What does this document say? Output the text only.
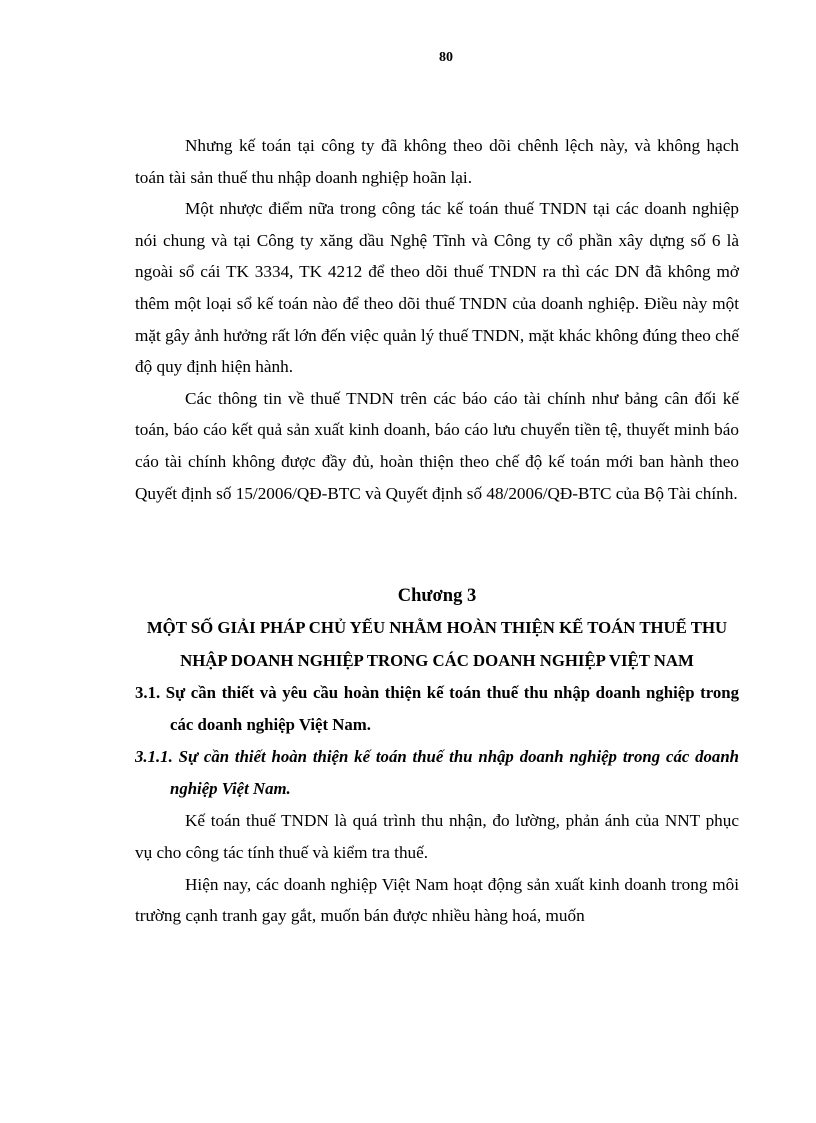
80

Nhưng kế toán tại công ty đã không theo dõi chênh lệch này, và không hạch toán tài sản thuế thu nhập doanh nghiệp hoãn lại.

Một nhược điểm nữa trong công tác kế toán thuế TNDN tại các doanh nghiệp nói chung và tại Công ty xăng dầu Nghệ Tĩnh và Công ty cổ phần xây dựng số 6 là ngoài sổ cái TK 3334, TK 4212 để theo dõi thuế TNDN ra thì các DN đã không mở thêm một loại sổ kế toán nào để theo dõi thuế TNDN của doanh nghiệp. Điều này một mặt gây ảnh hưởng rất lớn đến việc quản lý thuế TNDN, mặt khác không đúng theo chế độ quy định hiện hành.

Các thông tin về thuế TNDN trên các báo cáo tài chính như bảng cân đối kế toán, báo cáo kết quả sản xuất kinh doanh, báo cáo lưu chuyển tiền tệ, thuyết minh báo cáo tài chính không được đầy đủ, hoàn thiện theo chế độ kế toán mới ban hành theo Quyết định số 15/2006/QĐ-BTC và Quyết định số 48/2006/QĐ-BTC của Bộ Tài chính.

Chương 3
MỘT SỐ GIẢI PHÁP CHỦ YẾU NHẰM HOÀN THIỆN KẾ TOÁN THUẾ THU NHẬP DOANH NGHIỆP TRONG CÁC DOANH NGHIỆP VIỆT NAM
3.1. Sự cần thiết và yêu cầu hoàn thiện kế toán thuế thu nhập doanh nghiệp trong các doanh nghiệp Việt Nam.
3.1.1. Sự cần thiết hoàn thiện kế toán thuế thu nhập doanh nghiệp trong các doanh nghiệp Việt Nam.

Kế toán thuế TNDN là quá trình thu nhận, đo lường, phản ánh của NNT phục vụ cho công tác tính thuế và kiểm tra thuế.

Hiện nay, các doanh nghiệp Việt Nam hoạt động sản xuất kinh doanh trong môi trường cạnh tranh gay gắt, muốn bán được nhiều hàng hoá, muốn
